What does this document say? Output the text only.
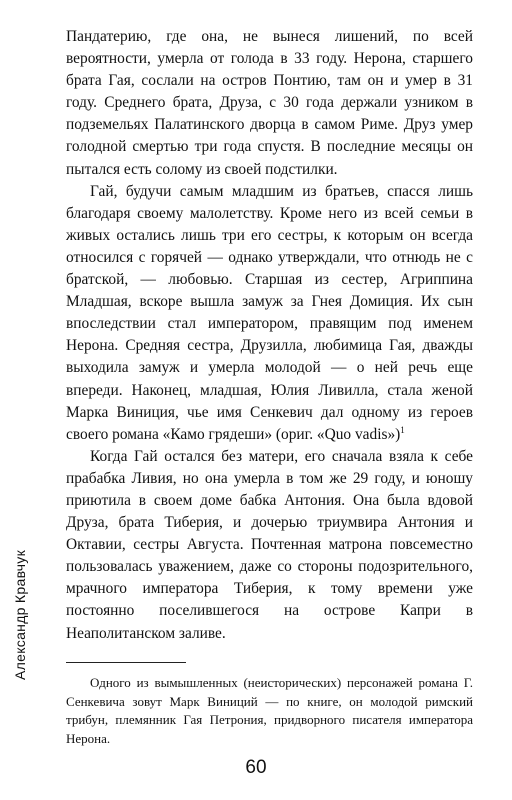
Пандатерию, где она, не вынеся лишений, по всей вероятности, умерла от голода в 33 году. Нерона, старшего брата Гая, сослали на остров Понтию, там он и умер в 31 году. Среднего брата, Друза, с 30 года держали узником в подземельях Палатинского дворца в самом Риме. Друз умер голодной смертью три года спустя. В последние месяцы он пытался есть солому из своей подстилки.

Гай, будучи самым младшим из братьев, спасся лишь благодаря своему малолетству. Кроме него из всей семьи в живых остались лишь три его сестры, к которым он всегда относился с горячей — однако утверждали, что отнюдь не с братской, — любовью. Старшая из сестер, Агриппина Младшая, вскоре вышла замуж за Гнея Домиция. Их сын впоследствии стал императором, правящим под именем Нерона. Средняя сестра, Друзилла, любимица Гая, дважды выходила замуж и умерла молодой — о ней речь еще впереди. Наконец, младшая, Юлия Ливилла, стала женой Марка Виниция, чье имя Сенкевич дал одному из героев своего романа «Камо грядеши» (ориг. «Quo vadis»)$^1$

Когда Гай остался без матери, его сначала взяла к себе прабабка Ливия, но она умерла в том же 29 году, и юношу приютила в своем доме бабка Антония. Она была вдовой Друза, брата Тиберия, и дочерью триумвира Антония и Октавии, сестры Августа. Почтенная матрона повсеместно пользовалась уважением, даже со стороны подозрительного, мрачного императора Тиберия, к тому времени уже постоянно поселившегося на острове Капри в Неаполитанском заливе.

Александр Кравчук

Одного из вымышленных (неисторических) персонажей романа Г. Сенкевича зовут Марк Виниций — по книге, он молодой римский трибун, племянник Гая Петрония, придворного писателя императора Нерона.

60
